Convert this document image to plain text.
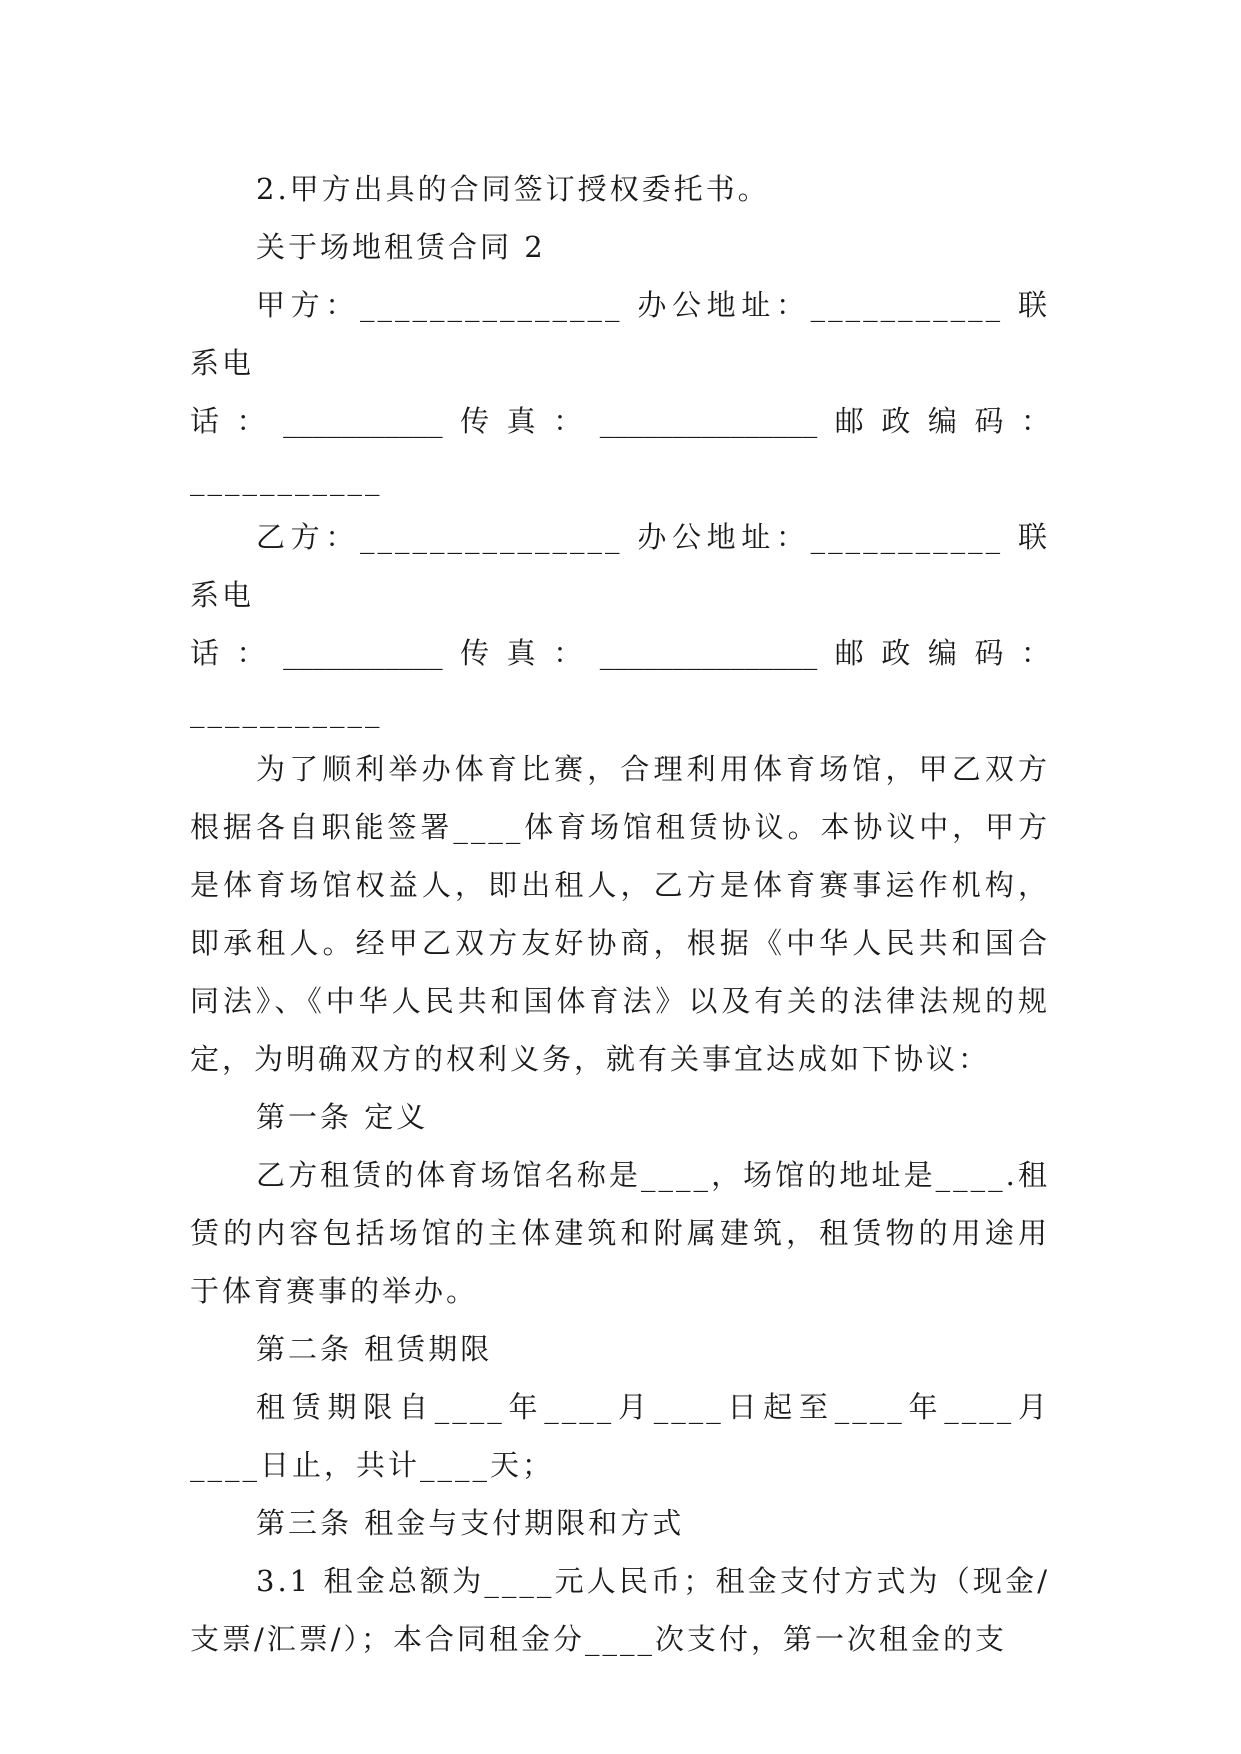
2.甲方出具的合同签订授权委托书。

关于场地租赁合同 2

甲方：_______________ 办公地址：___________ 联系电

话 ： ___________ 传 真 ： _______________ 邮 政 编 码 ：

___________

乙方：_______________ 办公地址：___________ 联系电

话 ： ___________ 传 真 ： _______________ 邮 政 编 码 ：

___________

为了顺利举办体育比赛，合理利用体育场馆，甲乙双方根据各自职能签署____体育场馆租赁协议。本协议中，甲方是体育场馆权益人，即出租人，乙方是体育赛事运作机构，即承租人。经甲乙双方友好协商，根据《中华人民共和国合同法》、《中华人民共和国体育法》以及有关的法律法规的规定，为明确双方的权利义务，就有关事宜达成如下协议：

第一条 定义

乙方租赁的体育场馆名称是____，场馆的地址是____.租赁的内容包括场馆的主体建筑和附属建筑，租赁物的用途用于体育赛事的举办。

第二条 租赁期限

租赁期限自____年____月____日起至____年____月____日止，共计____天；

第三条 租金与支付期限和方式

3.1 租金总额为____元人民币；租金支付方式为（现金/支票/汇票/）；本合同租金分____次支付，第一次租金的支
